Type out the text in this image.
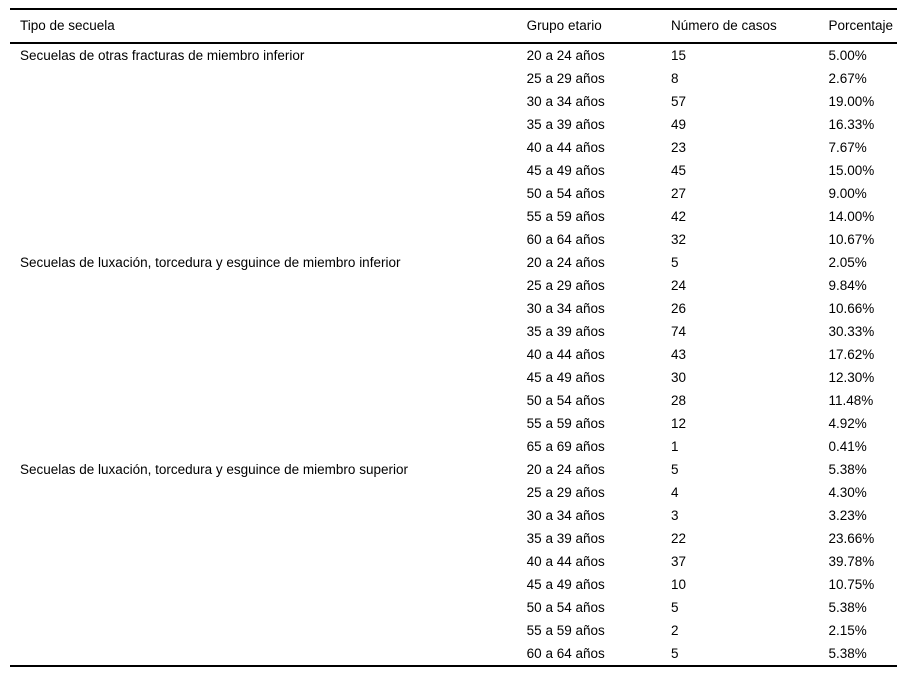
Tipo de secuela	Grupo etario	Número de casos	Porcentaje
Secuelas de otras fracturas de miembro inferior	20 a 24 años	15	5.00%
	25 a 29 años	8	2.67%
	30 a 34 años	57	19.00%
	35 a 39 años	49	16.33%
	40 a 44 años	23	7.67%
	45 a 49 años	45	15.00%
	50 a 54 años	27	9.00%
	55 a 59 años	42	14.00%
	60 a 64 años	32	10.67%
Secuelas de luxación, torcedura y esguince de miembro inferior	20 a 24 años	5	2.05%
	25 a 29 años	24	9.84%
	30 a 34 años	26	10.66%
	35 a 39 años	74	30.33%
	40 a 44 años	43	17.62%
	45 a 49 años	30	12.30%
	50 a 54 años	28	11.48%
	55 a 59 años	12	4.92%
	65 a 69 años	1	0.41%
Secuelas de luxación, torcedura y esguince de miembro superior	20 a 24 años	5	5.38%
	25 a 29 años	4	4.30%
	30 a 34 años	3	3.23%
	35 a 39 años	22	23.66%
	40 a 44 años	37	39.78%
	45 a 49 años	10	10.75%
	50 a 54 años	5	5.38%
	55 a 59 años	2	2.15%
	60 a 64 años	5	5.38%
